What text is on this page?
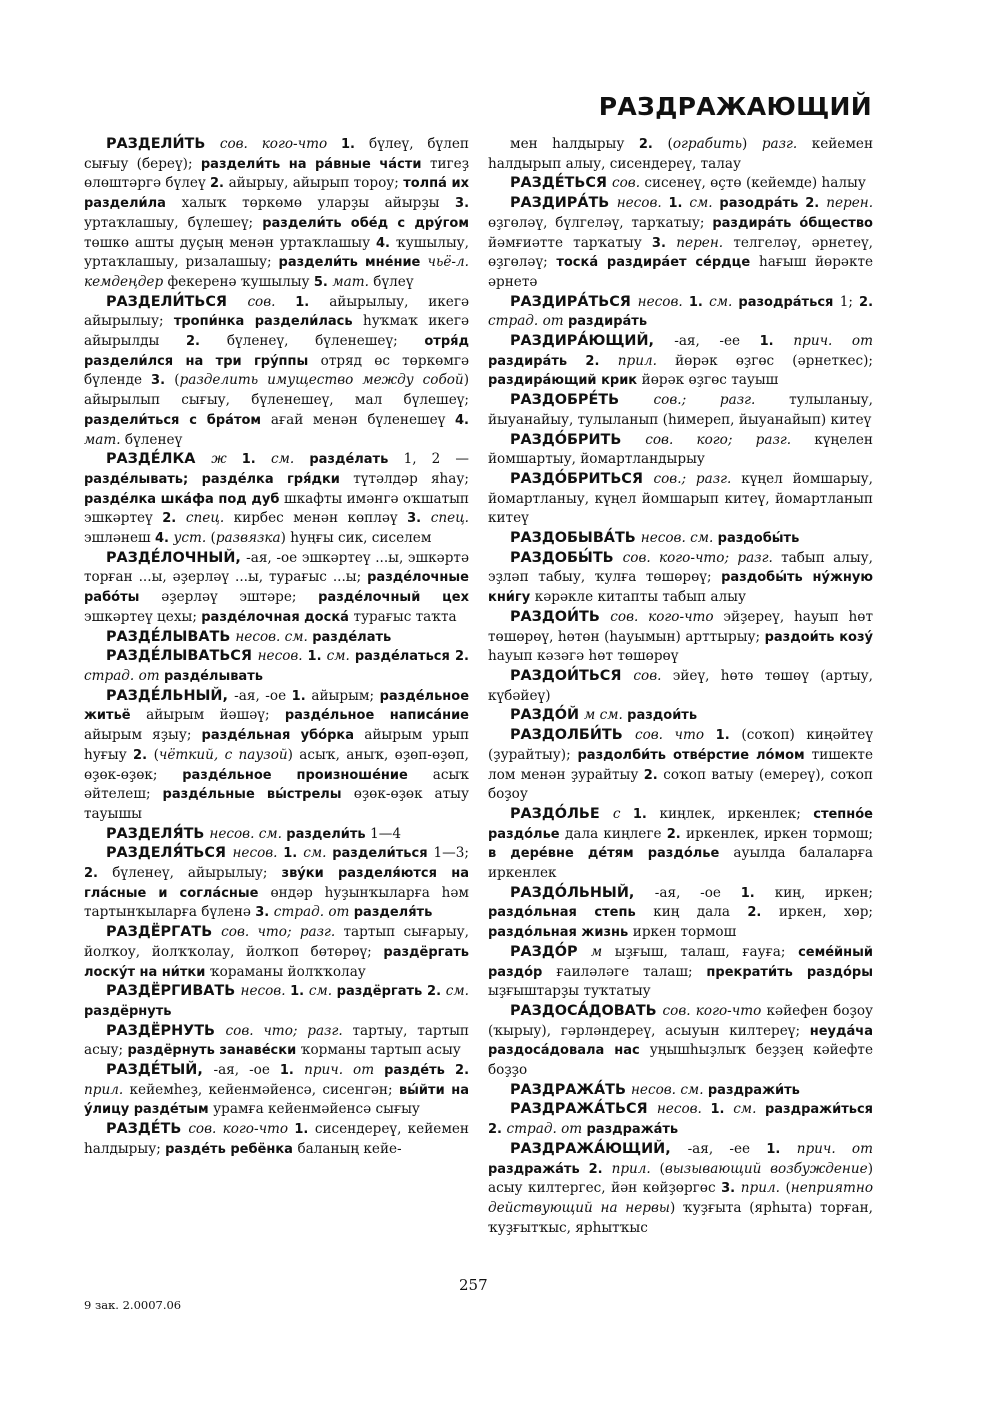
РАЗДРАЖАЮЩИЙ

РАЗДЕЛИ́ТЬ сов. кого-что 1. бүлеү, бүлеп сығыу (береү); раздели́ть на ра́вные ча́сти тигеҙ өлөштәргә бүлеү 2. айырыу, айырып тороу; толпа́ их раздели́ла халыҡ төркөмө уларҙы айырҙы 3. уртаҡлашыу, бүлешеү; раздели́ть обе́д с дру́гом төшкө ашты дуҫың менән уртаҡлашыу 4. ҡушылыу, уртаҡлашыу, ризалашыу; раздели́ть мне́ние чьё-л. кемдеңдер фекеренә ҡушылыу 5. мат. бүлеү

РАЗДЕЛИ́ТЬСЯ сов. 1. айырылыу, икегә айырылыу; тропи́нка раздели́лась һуҡмаҡ икегә айырылды 2. бүленеү, бүленешеү; отря́д раздели́лся на три гру́ппы отряд өс төркөмгә бүленде 3. (разделить имущество между собой) айырылып сығыу, бүленешеү, мал бүлешеү; раздели́ться с бра́том ағай менән бүленешеү 4. мат. бүленеү

РАЗДЕ́ЛКА ж 1. см. разде́лать 1, 2 — разде́лывать; разде́лка гря́дки түтәлдәр яһау; разде́лка шка́фа под дуб шкафты имәнгә оҡшатып эшкәртеү 2. спец. кирбес менән көпләү 3. спец. эшләнеш 4. уст. (развязка) һуңғы сик, сиселем

РАЗДЕ́ЛОЧНЫЙ, -ая, -ое эшкәртеү ...ы, эшкәртә торған ...ы, әҙерләү ...ы, турағыс ...ы; разде́лочные рабо́ты әҙерләү эштәре; разде́лочный цех эшкәртеү цехы; разде́лочная доска́ турағыс таҡта

РАЗДЕ́ЛЫВАТЬ несов. см. разде́лать

РАЗДЕ́ЛЫВАТЬСЯ несов. 1. см. разде́латься 2. страд. от разде́лывать

РАЗДЕ́ЛЬНЫЙ, -ая, -ое 1. айырым; разде́льное житьё айырым йәшәү; разде́льное написа́ние айырым яҙыу; разде́льная убо́рка айырым урып һуғыу 2. (чёткий, с паузой) асыҡ, аныҡ, өҙөп-өҙөп, өҙөк-өҙөк; разде́льное произноше́ние асыҡ әйтелеш; разде́льные вы́стрелы өҙөк-өҙөк атыу тауышы

РАЗДЕЛЯ́ТЬ несов. см. раздели́ть 1—4

РАЗДЕЛЯ́ТЬСЯ несов. 1. см. раздели́ться 1—3; 2. бүленеү, айырылыу; зву́ки разделя́ются на гла́сные и согла́сные өндәр һуҙынҡыларға һәм тартынҡыларға бүленә 3. страд. от разделя́ть

РАЗДЁРГАТЬ сов. что; разг. тартып сығарыу, йолҡоу, йолҡҡолау, йолҡоп бөтөрөү; раздёргать лоску́т на ни́тки ҡораманы йолҡҡолау

РАЗДЁРГИВАТЬ несов. 1. см. раздёргать 2. см. раздёрнуть

РАЗДЁРНУТЬ сов. что; разг. тартыу, тартып асыу; раздёрнуть занаве́ски ҡорманы тартып асыу

РАЗДЕ́ТЫЙ, -ая, -ое 1. прич. от разде́ть 2. прил. кейемһеҙ, кейенмәйенсә, сисенгән; вы́йти на у́лицу разде́тым урамға кейенмәйенсә сығыу

РАЗДЕ́ТЬ сов. кого-что 1. сисендереү, кейемен һалдырыу; разде́ть ребёнка баланың кейе-

мен һалдырыу 2. (ограбить) разг. кейемен һалдырып алыу, сисендереү, талау

РАЗДЕ́ТЬСЯ сов. сисенеү, өҫтө (кейемде) һалыу

РАЗДИРА́ТЬ несов. 1. см. разодра́ть 2. перен. өҙгөләү, бүлгеләү, тарҡатыу; раздира́ть о́бщество йәмғиәтте тарҡатыу 3. перен. телгеләү, әрнетеү, өҙгөләү; тоска́ раздира́ет се́рдце һағыш йөрәкте әрнетә

РАЗДИРА́ТЬСЯ несов. 1. см. разодра́ться 1; 2. страд. от раздира́ть

РАЗДИРА́ЮЩИЙ, -ая, -ее 1. прич. от раздира́ть 2. прил. йөрәк өҙгөс (әрнеткес); раздира́ющий крик йөрәк өҙгөс тауыш

РАЗДОБРЕ́ТЬ сов.; разг. тулыланыу, йыуанайыу, тулыланып (һимереп, йыуанайып) китеү

РАЗДО́БРИТЬ сов. кого; разг. күңелен йомшартыу, йомартландырыу

РАЗДО́БРИТЬСЯ сов.; разг. күңел йомшарыу, йомартланыу, күңел йомшарып китеү, йомартланып китеү

РАЗДОБЫВА́ТЬ несов. см. раздобы́ть

РАЗДОБЫ́ТЬ сов. кого-что; разг. табып алыу, эҙләп табыу, ҡулға төшөрөү; раздобы́ть ну́жную кни́гу кәрәкле китапты табып алыу

РАЗДОИ́ТЬ сов. кого-что эйҙереү, һауып һөт төшөрөү, һөтөн (һауымын) арттырыу; раздои́ть козу́ һауып кәзәгә һөт төшөрөү

РАЗДОИ́ТЬСЯ сов. эйеү, һөтө төшөү (артыу, күбәйеү)

РАЗДО́Й м см. раздои́ть

РАЗДОЛБИ́ТЬ сов. что 1. (соҡоп) киңәйтеү (ҙурайтыу); раздолби́ть отве́рстие ло́мом тишекте лом менән ҙурайтыу 2. соҡоп ватыу (емереү), соҡоп боҙоу

РАЗДО́ЛЬЕ с 1. киңлек, иркенлек; степно́е раздо́лье дала киңлеге 2. иркенлек, иркен тормош; в дере́вне де́тям раздо́лье ауылда балаларға иркенлек

РАЗДО́ЛЬНЫЙ, -ая, -ое 1. киң, иркен; раздо́льная степь киң дала 2. иркен, хөр; раздо́льная жизнь иркен тормош

РАЗДО́Р м ыҙғыш, талаш, ғауға; семе́йный раздо́р ғаиләләге талаш; прекрати́ть раздо́ры ыҙғыштарҙы туҡтатыу

РАЗДОСА́ДОВАТЬ сов. кого-что кәйефен боҙоу (ҡырыу), гәрләндереү, асыуын килтереү; неуда́ча раздоса́довала нас уңышһыҙлыҡ беҙҙең кәйефте боҙҙо

РАЗДРАЖА́ТЬ несов. см. раздражи́ть

РАЗДРАЖА́ТЬСЯ несов. 1. см. раздражи́ться 2. страд. от раздража́ть

РАЗДРАЖА́ЮЩИЙ, -ая, -ее 1. прич. от раздража́ть 2. прил. (вызывающий возбуждение) асыу килтергес, йән көйҙөргөс 3. прил. (неприятно действующий на нервы) ҡуҙғыта (ярһыта) торған, ҡуҙғытҡыс, ярһытҡыс

257
9 зак. 2.0007.06
